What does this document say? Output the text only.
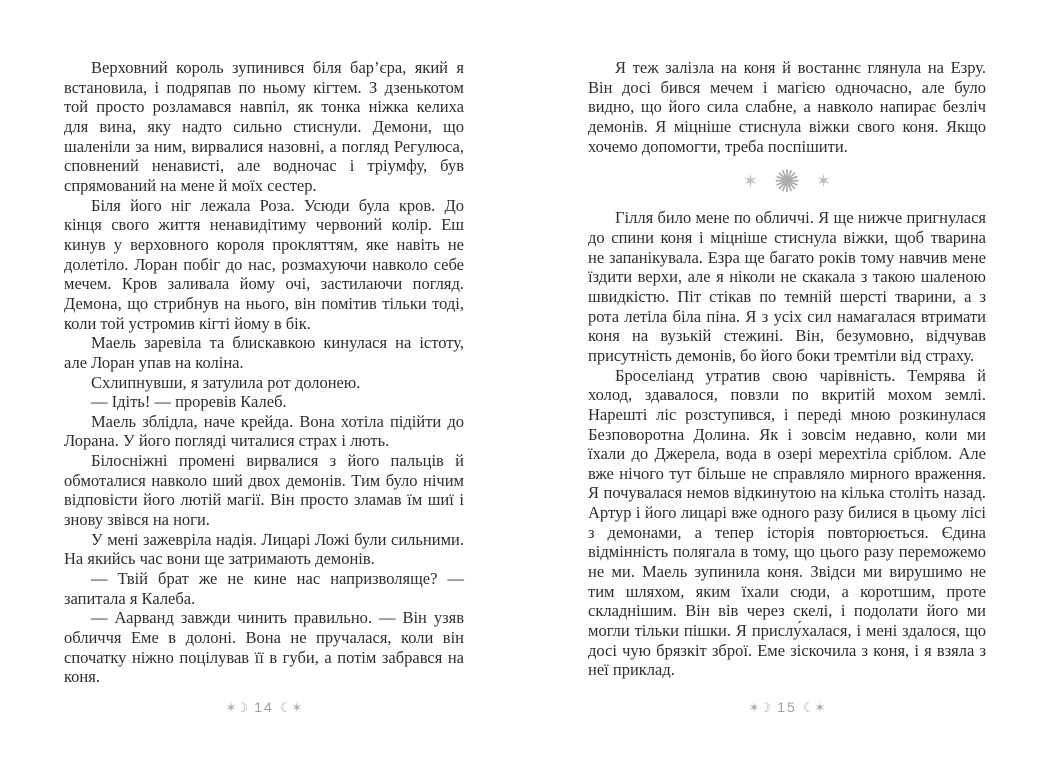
Верховний король зупинився біля бар’єра, який я встановила, і подряпав по ньому кігтем. З дзенькотом той просто розламався навпіл, як тонка ніжка келиха для вина, яку надто сильно стиснули. Демони, що шаленіли за ним, вирвалися назовні, а погляд Регулюса, сповнений ненависті, але водночас і тріумфу, був спрямований на мене й моїх сестер.

Біля його ніг лежала Роза. Усюди була кров. До кінця свого життя ненавидітиму червоний колір. Еш кинув у верховного короля прокляттям, яке навіть не долетіло. Лоран побіг до нас, розмахуючи навколо себе мечем. Кров заливала йому очі, застилаючи погляд. Демона, що стрибнув на нього, він помітив тільки тоді, коли той устромив кігті йому в бік.

Маель заревіла та блискавкою кинулася на істоту, але Лоран упав на коліна.

Схлипнувши, я затулила рот долонею.

— Ідіть! — проревів Калеб.

Маель зблідла, наче крейда. Вона хотіла підійти до Лорана. У його погляді читалися страх і лють.

Білосніжні промені вирвалися з його пальців й обмоталися навколо ший двох демонів. Тим було нічим відповісти його лютій магії. Він просто зламав їм шиї і знову звівся на ноги.

У мені зажевріла надія. Лицарі Ложі були сильними. На якийсь час вони ще затримають демонів.

— Твій брат же не кине нас напризволяще? — запитала я Калеба.

— Аарванд завжди чинить правильно. — Він узяв обличчя Еме в долоні. Вона не пручалася, коли він спочатку ніжно поцілував її в губи, а потім забрався на коня.

Я теж залізла на коня й востаннє глянула на Езру. Він досі бився мечем і магією одночасно, але було видно, що його сила слабне, а навколо напирає безліч демонів. Я міцніше стиснула віжки свого коня. Якщо хочемо допомогти, треба поспішити.

✶ ✺ ✶

Гілля било мене по обличчі. Я ще нижче пригнулася до спини коня і міцніше стиснула віжки, щоб тварина не запанікувала. Езра ще багато років тому навчив мене їздити верхи, але я ніколи не скакала з такою шаленою швидкістю. Піт стікав по темній шерсті тварини, а з рота летіла біла піна. Я з усіх сил намагалася втримати коня на вузькій стежині. Він, безумовно, відчував присутність демонів, бо його боки тремтіли від страху.

Броселіанд утратив свою чарівність. Темрява й холод, здавалося, повзли по вкритій мохом землі. Нарешті ліс розступився, і переді мною розкинулася Безповоротна Долина. Як і зовсім недавно, коли ми їхали до Джерела, вода в озері мерехтіла сріблом. Але вже нічого тут більше не справляло мирного враження. Я почувалася немов відкинутою на кілька століть назад. Артур і його лицарі вже одного разу билися в цьому лісі з демонами, а тепер історія повторюється. Єдина відмінність полягала в тому, що цього разу переможемо не ми. Маель зупинила коня. Звідси ми вирушимо не тим шляхом, яким їхали сюди, а коротшим, проте складнішим. Він вів через скелі, і подолати його ми могли тільки пішки. Я прислу́халася, і мені здалося, що досі чую брязкіт зброї. Еме зіскочила з коня, і я взяла з неї приклад.

✶☽ 14 ☾✶	✶☽ 15 ☾✶
